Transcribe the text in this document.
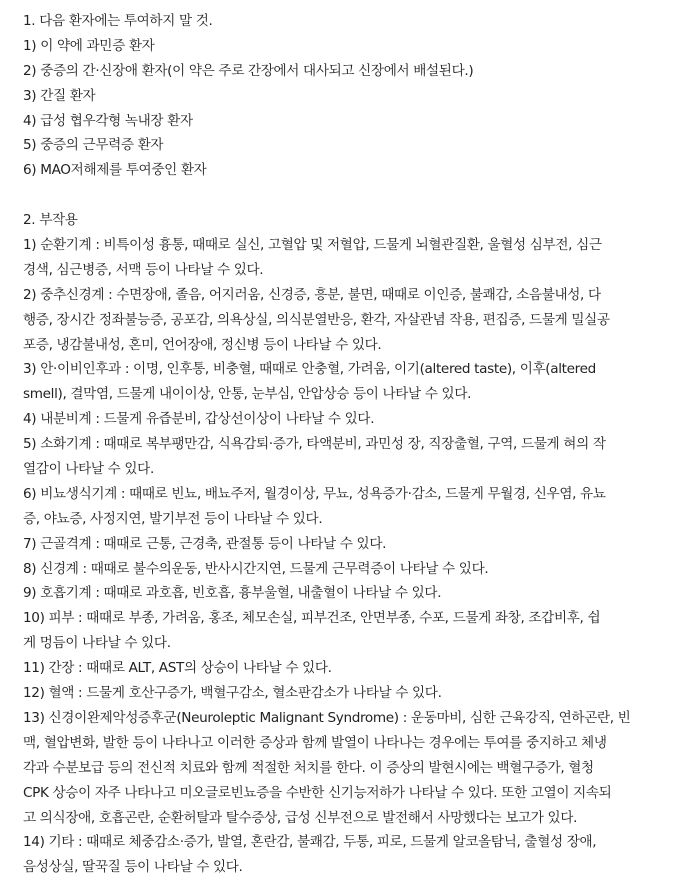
1. 다음 환자에는 투여하지 말 것.
1) 이 약에 과민증 환자
2) 중증의 간·신장애 환자(이 약은 주로 간장에서 대사되고 신장에서 배설된다.)
3) 간질 환자
4) 급성 협우각형 녹내장 환자
5) 중증의 근무력증 환자
6) MAO저해제를 투여중인 환자
2. 부작용
1) 순환기계 : 비특이성 흉통, 때때로 실신, 고혈압 및 저혈압, 드물게 뇌혈관질환, 울혈성 심부전, 심근
경색, 심근병증, 서맥 등이 나타날 수 있다.
2) 중추신경계 : 수면장애, 졸음, 어지러움, 신경증, 흥분, 불면, 때때로 이인증, 불쾌감, 소음불내성, 다
행증, 장시간 정좌불능증, 공포감, 의욕상실, 의식분열반응, 환각, 자살관념 작용, 편집증, 드물게 밀실공
포증, 냉감불내성, 혼미, 언어장애, 정신병 등이 나타날 수 있다.
3) 안·이비인후과 : 이명, 인후통, 비충혈, 때때로 안충혈, 가려움, 이기(altered taste), 이후(altered
smell), 결막염, 드물게 내이이상, 안통, 눈부심, 안압상승 등이 나타날 수 있다.
4) 내분비계 : 드물게 유즙분비, 갑상선이상이 나타날 수 있다.
5) 소화기계 : 때때로 복부팽만감, 식욕감퇴·증가, 타액분비, 과민성 장, 직장출혈, 구역, 드물게 혀의 작
열감이 나타날 수 있다.
6) 비뇨생식기계 : 때때로 빈뇨, 배뇨주저, 월경이상, 무뇨, 성욕증가·감소, 드물게 무월경, 신우염, 유뇨
증, 야뇨증, 사정지연, 발기부전 등이 나타날 수 있다.
7) 근골격계 : 때때로 근통, 근경축, 관절통 등이 나타날 수 있다.
8) 신경계 : 때때로 불수의운동, 반사시간지연, 드물게 근무력증이 나타날 수 있다.
9) 호흡기계 : 때때로 과호흡, 빈호흡, 흉부울혈, 내출혈이 나타날 수 있다.
10) 피부 : 때때로 부종, 가려움, 홍조, 체모손실, 피부건조, 안면부종, 수포, 드물게 좌창, 조갑비후, 쉽
게 멍듬이 나타날 수 있다.
11) 간장 : 때때로 ALT, AST의 상승이 나타날 수 있다.
12) 혈액 : 드물게 호산구증가, 백혈구감소, 혈소판감소가 나타날 수 있다.
13) 신경이완제악성증후군(Neuroleptic Malignant Syndrome) : 운동마비, 심한 근육강직, 연하곤란, 빈
맥, 혈압변화, 발한 등이 나타나고 이러한 증상과 함께 발열이 나타나는 경우에는 투여를 중지하고 체냉
각과 수분보급 등의 전신적 치료와 함께 적절한 처치를 한다. 이 증상의 발현시에는 백혈구증가, 혈청
CPK 상승이 자주 나타나고 미오글로빈뇨증을 수반한 신기능저하가 나타날 수 있다. 또한 고열이 지속되
고 의식장애, 호흡곤란, 순환허탈과 탈수증상, 급성 신부전으로 발전해서 사망했다는 보고가 있다.
14) 기타 : 때때로 체중감소·증가, 발열, 혼란감, 불쾌감, 두통, 피로, 드물게 알코올탐닉, 출혈성 장애,
음성상실, 딸꾹질 등이 나타날 수 있다.
